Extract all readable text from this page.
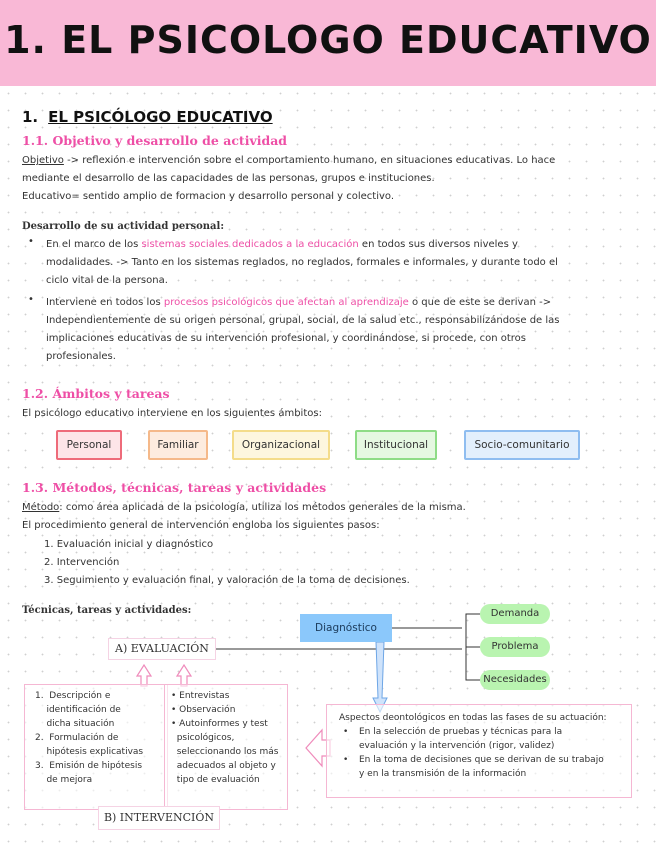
1. EL PSICOLOGO EDUCATIVO
1. EL PSICÓLOGO EDUCATIVO
1.1. Objetivo y desarrollo de actividad
Objetivo -> reflexión e intervención sobre el comportamiento humano, en situaciones educativas. Lo hace
mediante el desarrollo de las capacidades de las personas, grupos e instituciones.
Educativo= sentido amplio de formacion y desarrollo personal y colectivo.
Desarrollo de su actividad personal:
• En el marco de los sistemas sociales dedicados a la educación en todos sus diversos niveles y
modalidades. -> Tanto en los sistemas reglados, no reglados, formales e informales, y durante todo el
ciclo vital de la persona.
• Interviene en todos los procesos psicológicos que afectan al aprendizaje o que de este se derivan ->
Independientemente de su origen personal, grupal, social, de la salud etc., responsabilizándose de las
implicaciones educativas de su intervención profesional, y coordinándose, si procede, con otros
profesionales.
1.2. Ámbitos y tareas
El psicólogo educativo interviene en los siguientes ámbitos:
Personal	Familiar	Organizacional	Institucional	Socio-comunitario
1.3. Métodos, técnicas, tareas y actividades
Método: como área aplicada de la psicología, utiliza los métodos generales de la misma.
El procedimiento general de intervención engloba los siguientes pasos:
1. Evaluación inicial y diagnóstico
2. Intervención
3. Seguimiento y evaluación final, y valoración de la toma de decisiones.
Técnicas, tareas y actividades:
A) EVALUACIÓN
Diagnóstico
Demanda
Problema
Necesidades
1.  Descripción e
identificación de
dicha situación
2.  Formulación de
hipótesis explicativas
3.  Emisión de hipótesis
de mejora
• Entrevistas
• Observación
• Autoinformes y test
psicológicos,
seleccionando los más
adecuados al objeto y
tipo de evaluación
Aspectos deontológicos en todas las fases de su actuación:
• En la selección de pruebas y técnicas para la
evaluación y la intervención (rigor, validez)
• En la toma de decisiones que se derivan de su trabajo
y en la transmisión de la información
B) INTERVENCIÓN
